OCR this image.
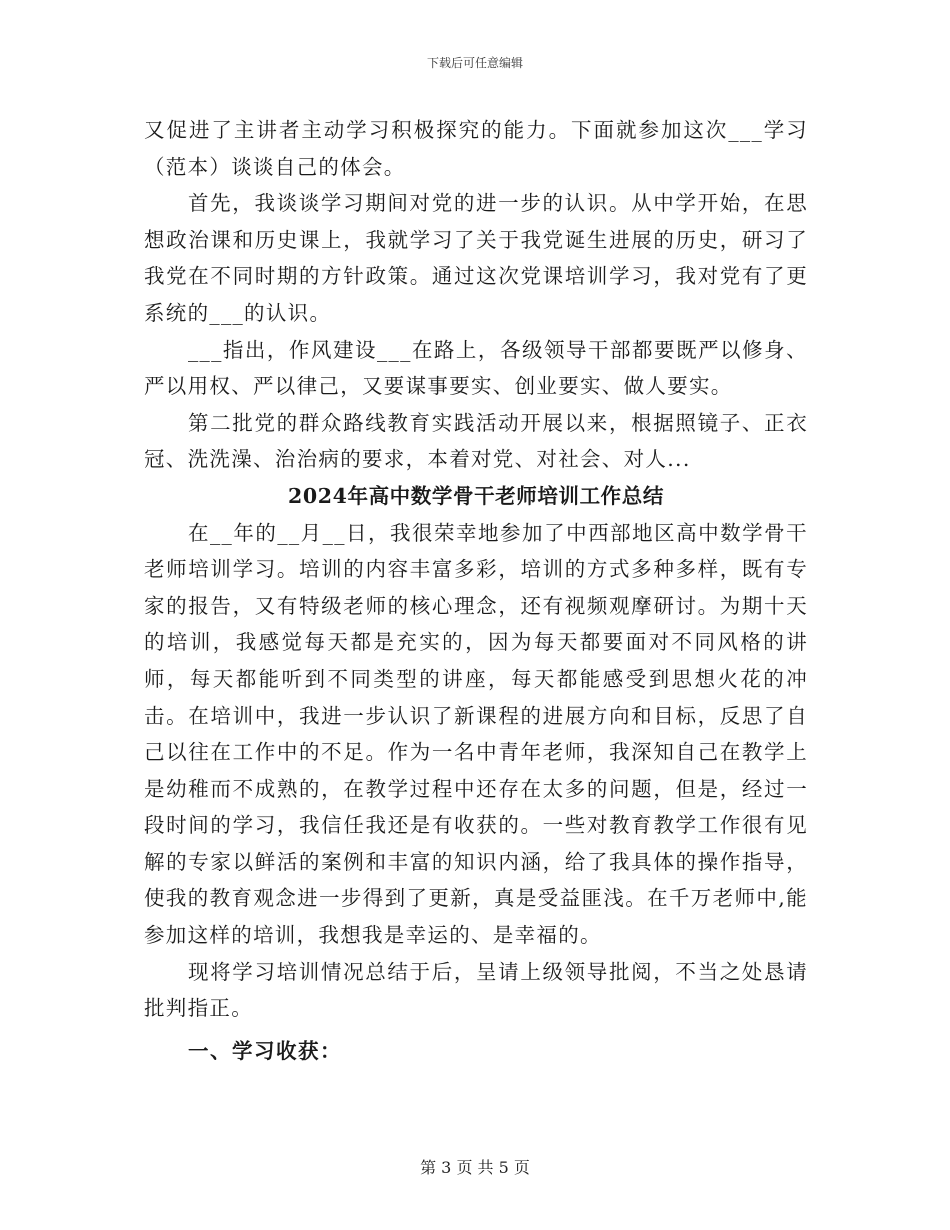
下载后可任意编辑

又促进了主讲者主动学习积极探究的能力。下面就参加这次___学习（范本）谈谈自己的体会。

首先，我谈谈学习期间对党的进一步的认识。从中学开始，在思想政治课和历史课上，我就学习了关于我党诞生进展的历史，研习了我党在不同时期的方针政策。通过这次党课培训学习，我对党有了更系统的___的认识。

___指出，作风建设___在路上，各级领导干部都要既严以修身、严以用权、严以律己，又要谋事要实、创业要实、做人要实。

第二批党的群众路线教育实践活动开展以来，根据照镜子、正衣冠、洗洗澡、治治病的要求，本着对党、对社会、对人...

2024年高中数学骨干老师培训工作总结

在__年的__月__日，我很荣幸地参加了中西部地区高中数学骨干老师培训学习。培训的内容丰富多彩，培训的方式多种多样，既有专家的报告，又有特级老师的核心理念，还有视频观摩研讨。为期十天的培训，我感觉每天都是充实的，因为每天都要面对不同风格的讲师，每天都能听到不同类型的讲座，每天都能感受到思想火花的冲击。在培训中，我进一步认识了新课程的进展方向和目标，反思了自己以往在工作中的不足。作为一名中青年老师，我深知自己在教学上是幼稚而不成熟的，在教学过程中还存在太多的问题，但是，经过一段时间的学习，我信任我还是有收获的。一些对教育教学工作很有见解的专家以鲜活的案例和丰富的知识内涵，给了我具体的操作指导，使我的教育观念进一步得到了更新，真是受益匪浅。在千万老师中,能参加这样的培训，我想我是幸运的、是幸福的。

现将学习培训情况总结于后，呈请上级领导批阅，不当之处恳请批判指正。

一、学习收获：
第 3 页 共 5 页
